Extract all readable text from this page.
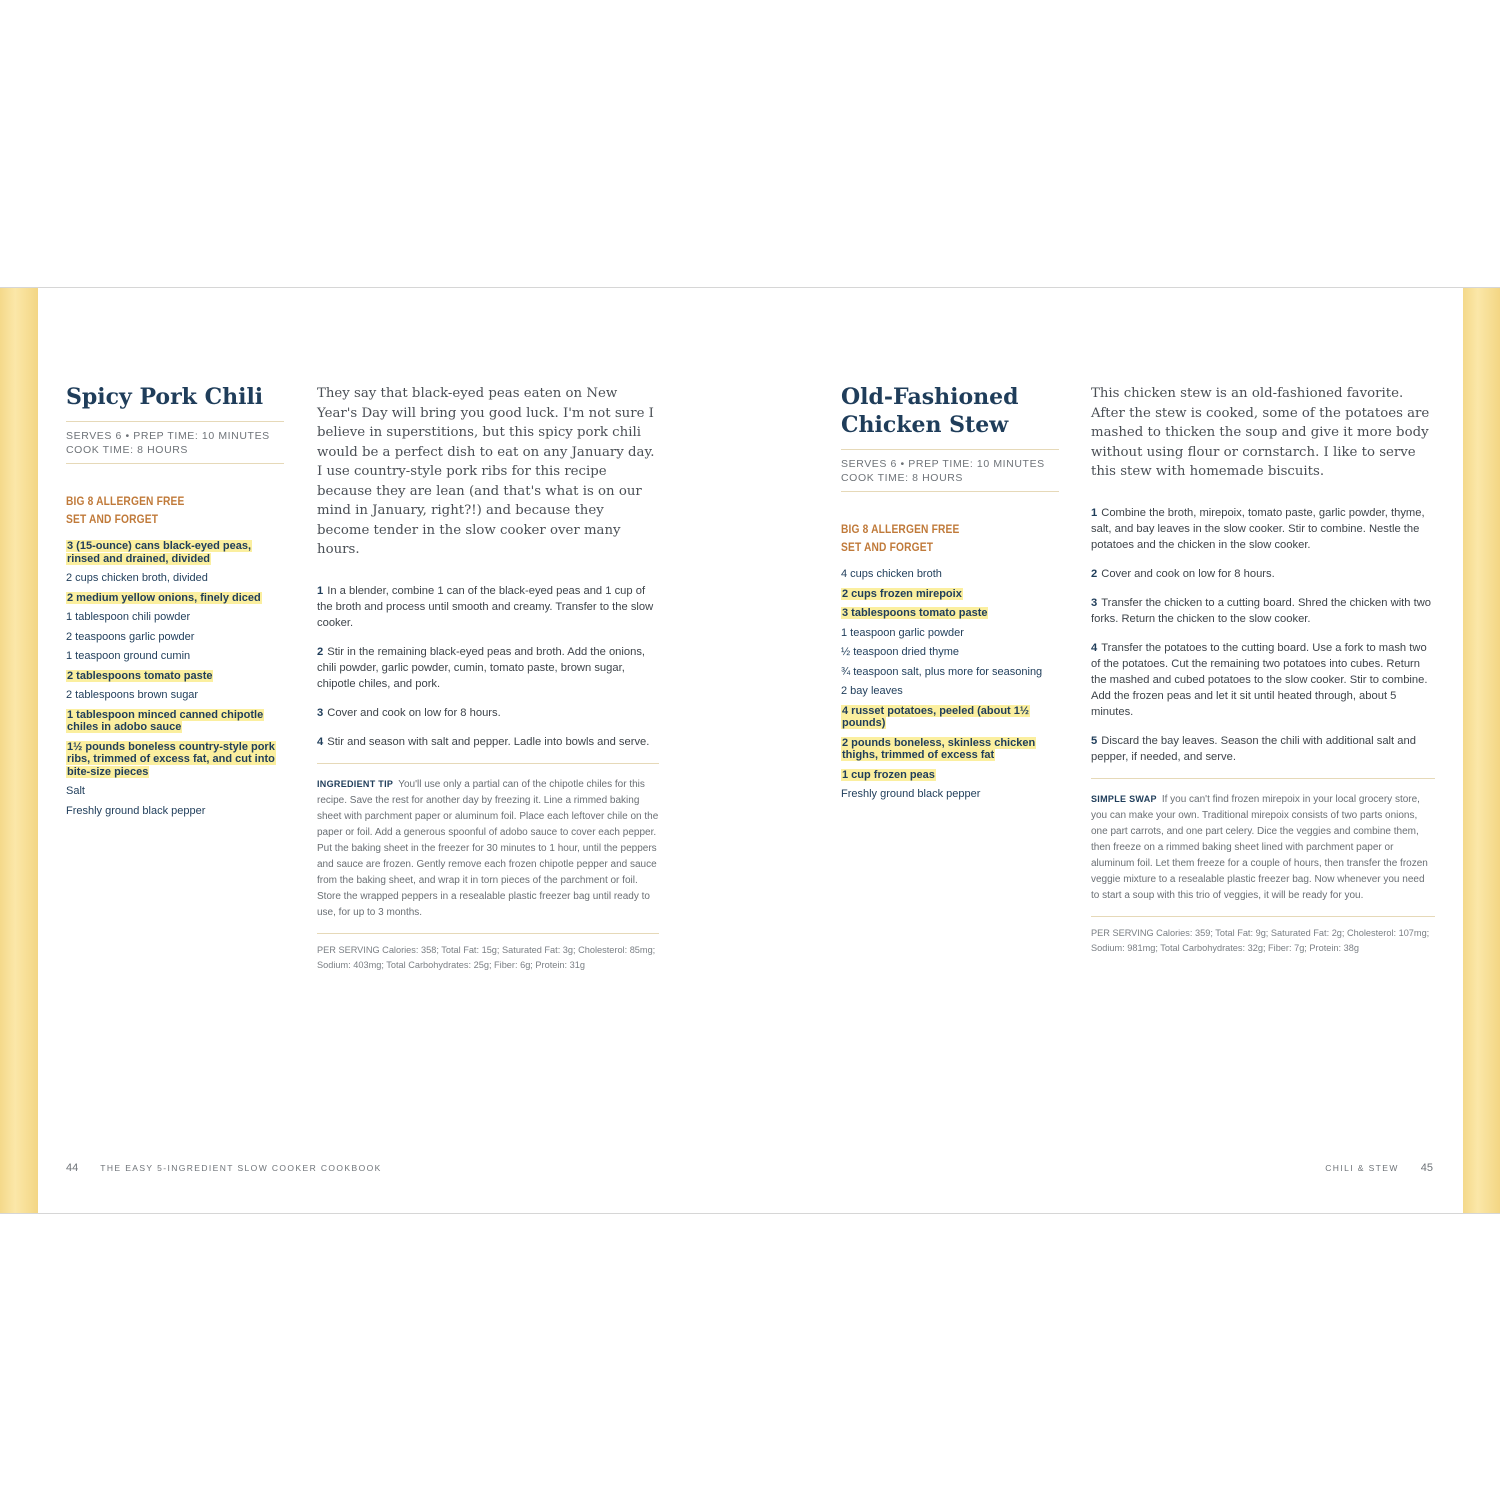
Spicy Pork Chili
SERVES 6 • PREP TIME: 10 MINUTES
COOK TIME: 8 HOURS
BIG 8 ALLERGEN FREE
SET AND FORGET
3 (15-ounce) cans black-eyed peas, rinsed and drained, divided
2 cups chicken broth, divided
2 medium yellow onions, finely diced
1 tablespoon chili powder
2 teaspoons garlic powder
1 teaspoon ground cumin
2 tablespoons tomato paste
2 tablespoons brown sugar
1 tablespoon minced canned chipotle chiles in adobo sauce
1½ pounds boneless country-style pork ribs, trimmed of excess fat, and cut into bite-size pieces
Salt
Freshly ground black pepper

They say that black-eyed peas eaten on New Year's Day will bring you good luck. I'm not sure I believe in superstitions, but this spicy pork chili would be a perfect dish to eat on any January day. I use country-style pork ribs for this recipe because they are lean (and that's what is on our mind in January, right?!) and because they become tender in the slow cooker over many hours.

1 In a blender, combine 1 can of the black-eyed peas and 1 cup of the broth and process until smooth and creamy. Transfer to the slow cooker.

2 Stir in the remaining black-eyed peas and broth. Add the onions, chili powder, garlic powder, cumin, tomato paste, brown sugar, chipotle chiles, and pork.

3 Cover and cook on low for 8 hours.

4 Stir and season with salt and pepper. Ladle into bowls and serve.

INGREDIENT TIP You'll use only a partial can of the chipotle chiles for this recipe. Save the rest for another day by freezing it. Line a rimmed baking sheet with parchment paper or aluminum foil. Place each leftover chile on the paper or foil. Add a generous spoonful of adobo sauce to cover each pepper. Put the baking sheet in the freezer for 30 minutes to 1 hour, until the peppers and sauce are frozen. Gently remove each frozen chipotle pepper and sauce from the baking sheet, and wrap it in torn pieces of the parchment or foil. Store the wrapped peppers in a resealable plastic freezer bag until ready to use, for up to 3 months.

PER SERVING Calories: 358; Total Fat: 15g; Saturated Fat: 3g; Cholesterol: 85mg; Sodium: 403mg; Total Carbohydrates: 25g; Fiber: 6g; Protein: 31g

Old-Fashioned Chicken Stew
SERVES 6 • PREP TIME: 10 MINUTES
COOK TIME: 8 HOURS
BIG 8 ALLERGEN FREE
SET AND FORGET
4 cups chicken broth
2 cups frozen mirepoix
3 tablespoons tomato paste
1 teaspoon garlic powder
½ teaspoon dried thyme
¾ teaspoon salt, plus more for seasoning
2 bay leaves
4 russet potatoes, peeled (about 1½ pounds)
2 pounds boneless, skinless chicken thighs, trimmed of excess fat
1 cup frozen peas
Freshly ground black pepper

This chicken stew is an old-fashioned favorite. After the stew is cooked, some of the potatoes are mashed to thicken the soup and give it more body without using flour or cornstarch. I like to serve this stew with homemade biscuits.

1 Combine the broth, mirepoix, tomato paste, garlic powder, thyme, salt, and bay leaves in the slow cooker. Stir to combine. Nestle the potatoes and the chicken in the slow cooker.

2 Cover and cook on low for 8 hours.

3 Transfer the chicken to a cutting board. Shred the chicken with two forks. Return the chicken to the slow cooker.

4 Transfer the potatoes to the cutting board. Use a fork to mash two of the potatoes. Cut the remaining two potatoes into cubes. Return the mashed and cubed potatoes to the slow cooker. Stir to combine. Add the frozen peas and let it sit until heated through, about 5 minutes.

5 Discard the bay leaves. Season the chili with additional salt and pepper, if needed, and serve.

SIMPLE SWAP If you can't find frozen mirepoix in your local grocery store, you can make your own. Traditional mirepoix consists of two parts onions, one part carrots, and one part celery. Dice the veggies and combine them, then freeze on a rimmed baking sheet lined with parchment paper or aluminum foil. Let them freeze for a couple of hours, then transfer the frozen veggie mixture to a resealable plastic freezer bag. Now whenever you need to start a soup with this trio of veggies, it will be ready for you.

PER SERVING Calories: 359; Total Fat: 9g; Saturated Fat: 2g; Cholesterol: 107mg; Sodium: 981mg; Total Carbohydrates: 32g; Fiber: 7g; Protein: 38g

44	THE EASY 5-INGREDIENT SLOW COOKER COOKBOOK	CHILI & STEW 45
